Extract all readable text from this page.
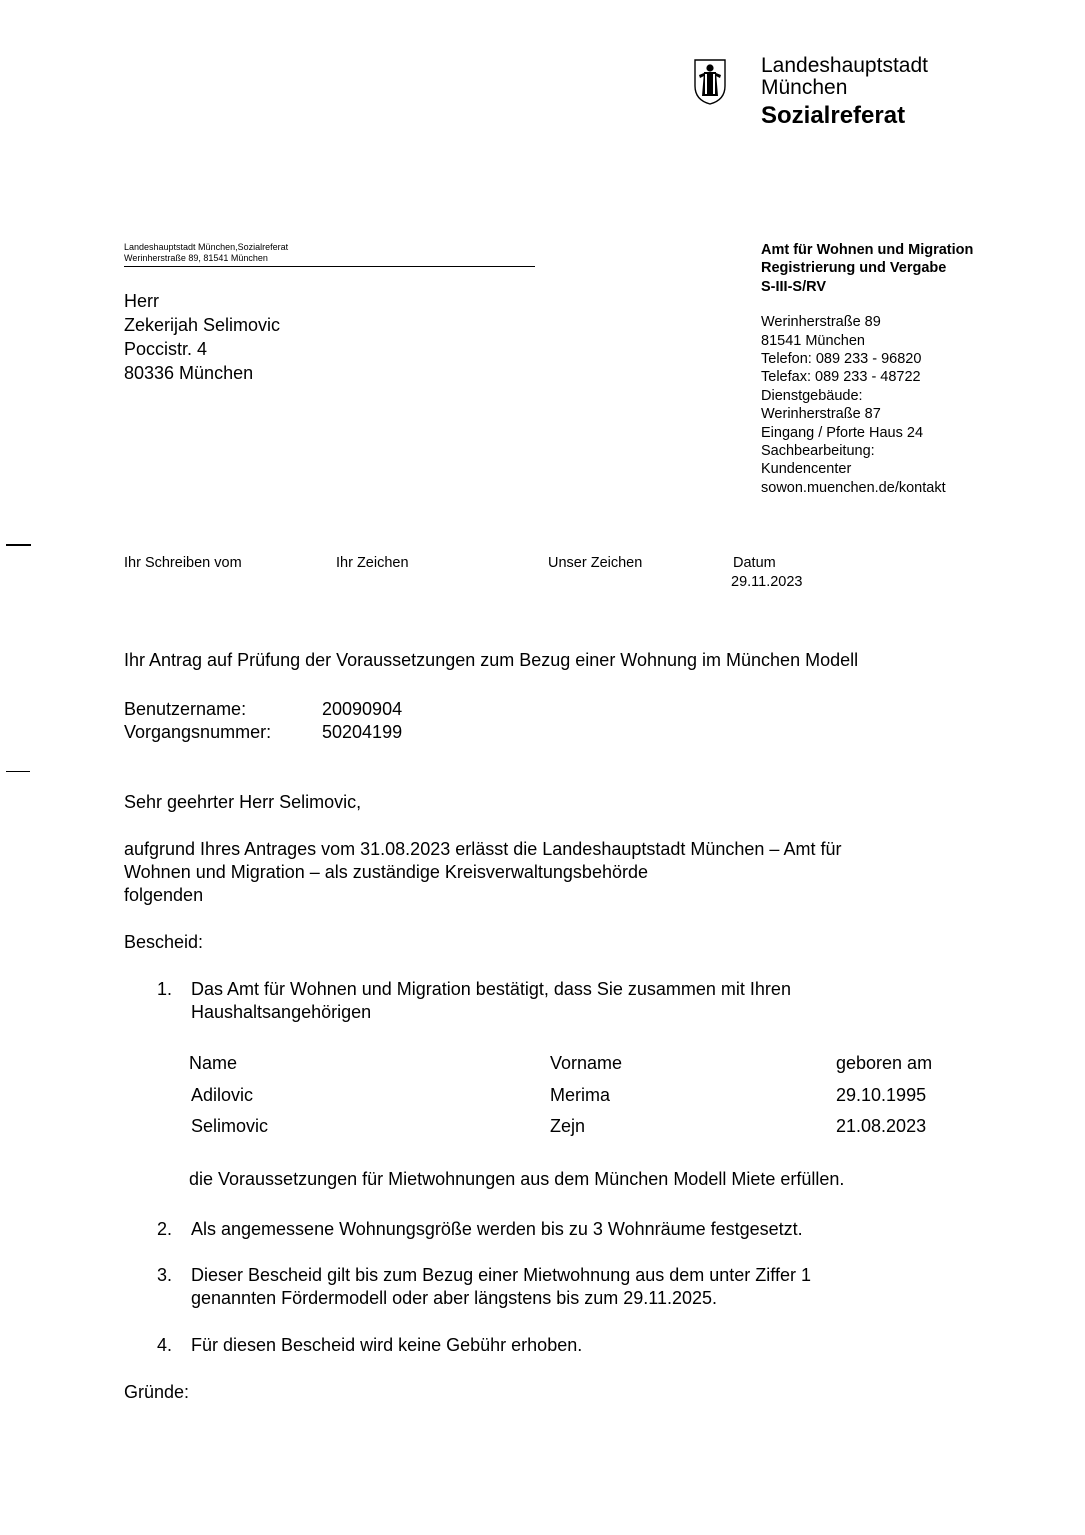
Landeshauptstadt
München
Sozialreferat
Landeshauptstadt München,Sozialreferat
Werinherstraße 89, 81541 München
Herr
Zekerijah Selimovic
Poccistr. 4
80336 München
Amt für Wohnen und Migration
Registrierung und Vergabe
S-III-S/RV
Werinherstraße 89
81541 München
Telefon: 089 233 - 96820
Telefax: 089 233 - 48722
Dienstgebäude:
Werinherstraße 87
Eingang / Pforte Haus 24
Sachbearbeitung:
Kundencenter
sowon.muenchen.de/kontakt
Ihr Schreiben vom	Ihr Zeichen	Unser Zeichen	Datum
29.11.2023
Ihr Antrag auf Prüfung der Voraussetzungen zum Bezug einer Wohnung im München Modell
Benutzername:	20090904
Vorgangsnummer:	50204199
Sehr geehrter Herr Selimovic,
aufgrund Ihres Antrages vom 31.08.2023 erlässt die Landeshauptstadt München – Amt für
Wohnen und Migration – als zuständige Kreisverwaltungsbehörde
folgenden
Bescheid:
1.	Das Amt für Wohnen und Migration bestätigt, dass Sie zusammen mit Ihren
Haushaltsangehörigen
Name	Vorname	geboren am
Adilovic	Merima	29.10.1995
Selimovic	Zejn	21.08.2023
die Voraussetzungen für Mietwohnungen aus dem München Modell Miete erfüllen.
2.	Als angemessene Wohnungsgröße werden bis zu 3 Wohnräume festgesetzt.
3.	Dieser Bescheid gilt bis zum Bezug einer Mietwohnung aus dem unter Ziffer 1
genannten Fördermodell oder aber längstens bis zum 29.11.2025.
4.	Für diesen Bescheid wird keine Gebühr erhoben.
Gründe:
